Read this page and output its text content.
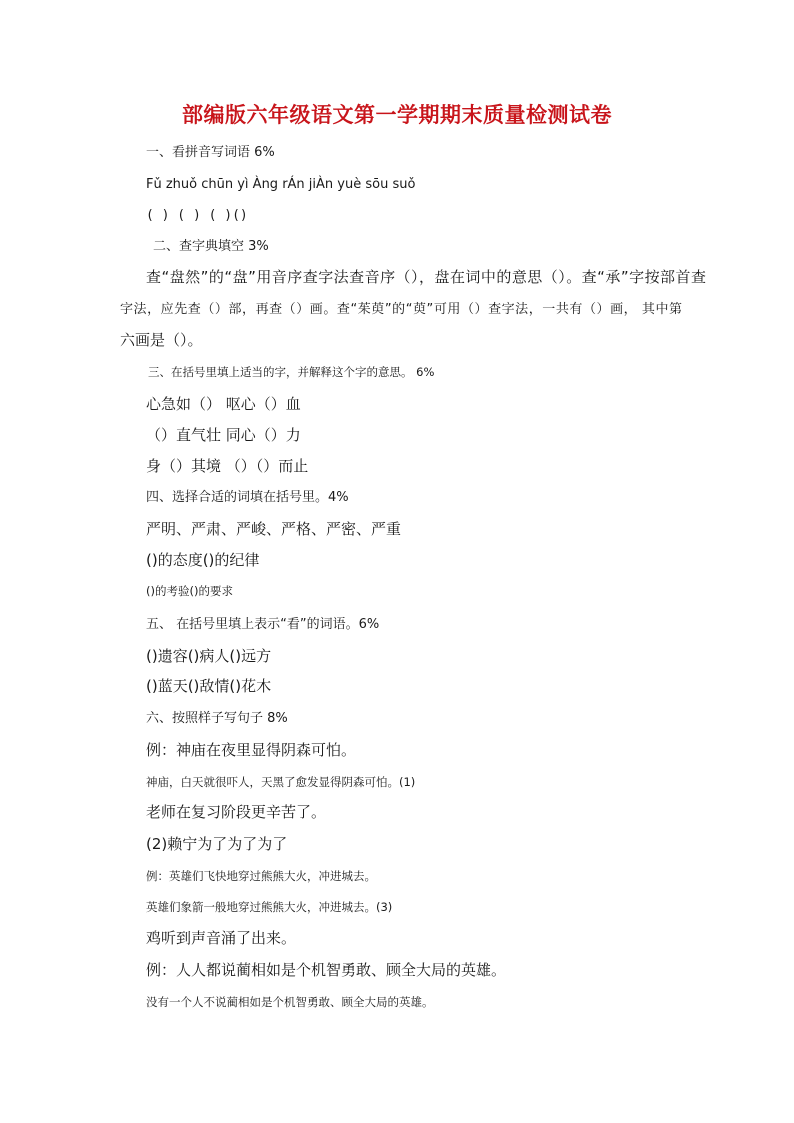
部编版六年级语文第一学期期末质量检测试卷
一、看拼音写词语 6%
Fǔ zhuǒ chūn yì Àng rÁn jiÀn yuè sōu suǒ
( ) ( ) ( )()
二、查字典填空 3%
查“盘然”的“盘”用音序查字法查音序（），盘在词中的意思（）。查“承”字按部首查
字法，应先查（）部，再查（）画。查“茱萸”的“萸”可用（）查字法，一共有（）画， 其中第
六画是（）。
三、在括号里填上适当的字，并解释这个字的意思。 6%
心急如（） 呕心（）血
（）直气壮 同心（）力
身（）其境 （）（）而止
四、选择合适的词填在括号里。4%
严明、严肃、严峻、严格、严密、严重
()的态度()的纪律
()的考验()的要求
五、 在括号里填上表示“看”的词语。6%
()遗容()病人()远方
()蓝天()敌情()花木
六、按照样子写句子 8%
例：神庙在夜里显得阴森可怕。
神庙，白天就很吓人，天黑了愈发显得阴森可怕。(1)
老师在复习阶段更辛苦了。
(2)赖宁为了为了为了
例：英雄们飞快地穿过熊熊大火，冲进城去。
英雄们象箭一般地穿过熊熊大火，冲进城去。(3)
鸡听到声音涌了出来。
例：人人都说蔺相如是个机智勇敢、顾全大局的英雄。
没有一个人不说蔺相如是个机智勇敢、顾全大局的英雄。
